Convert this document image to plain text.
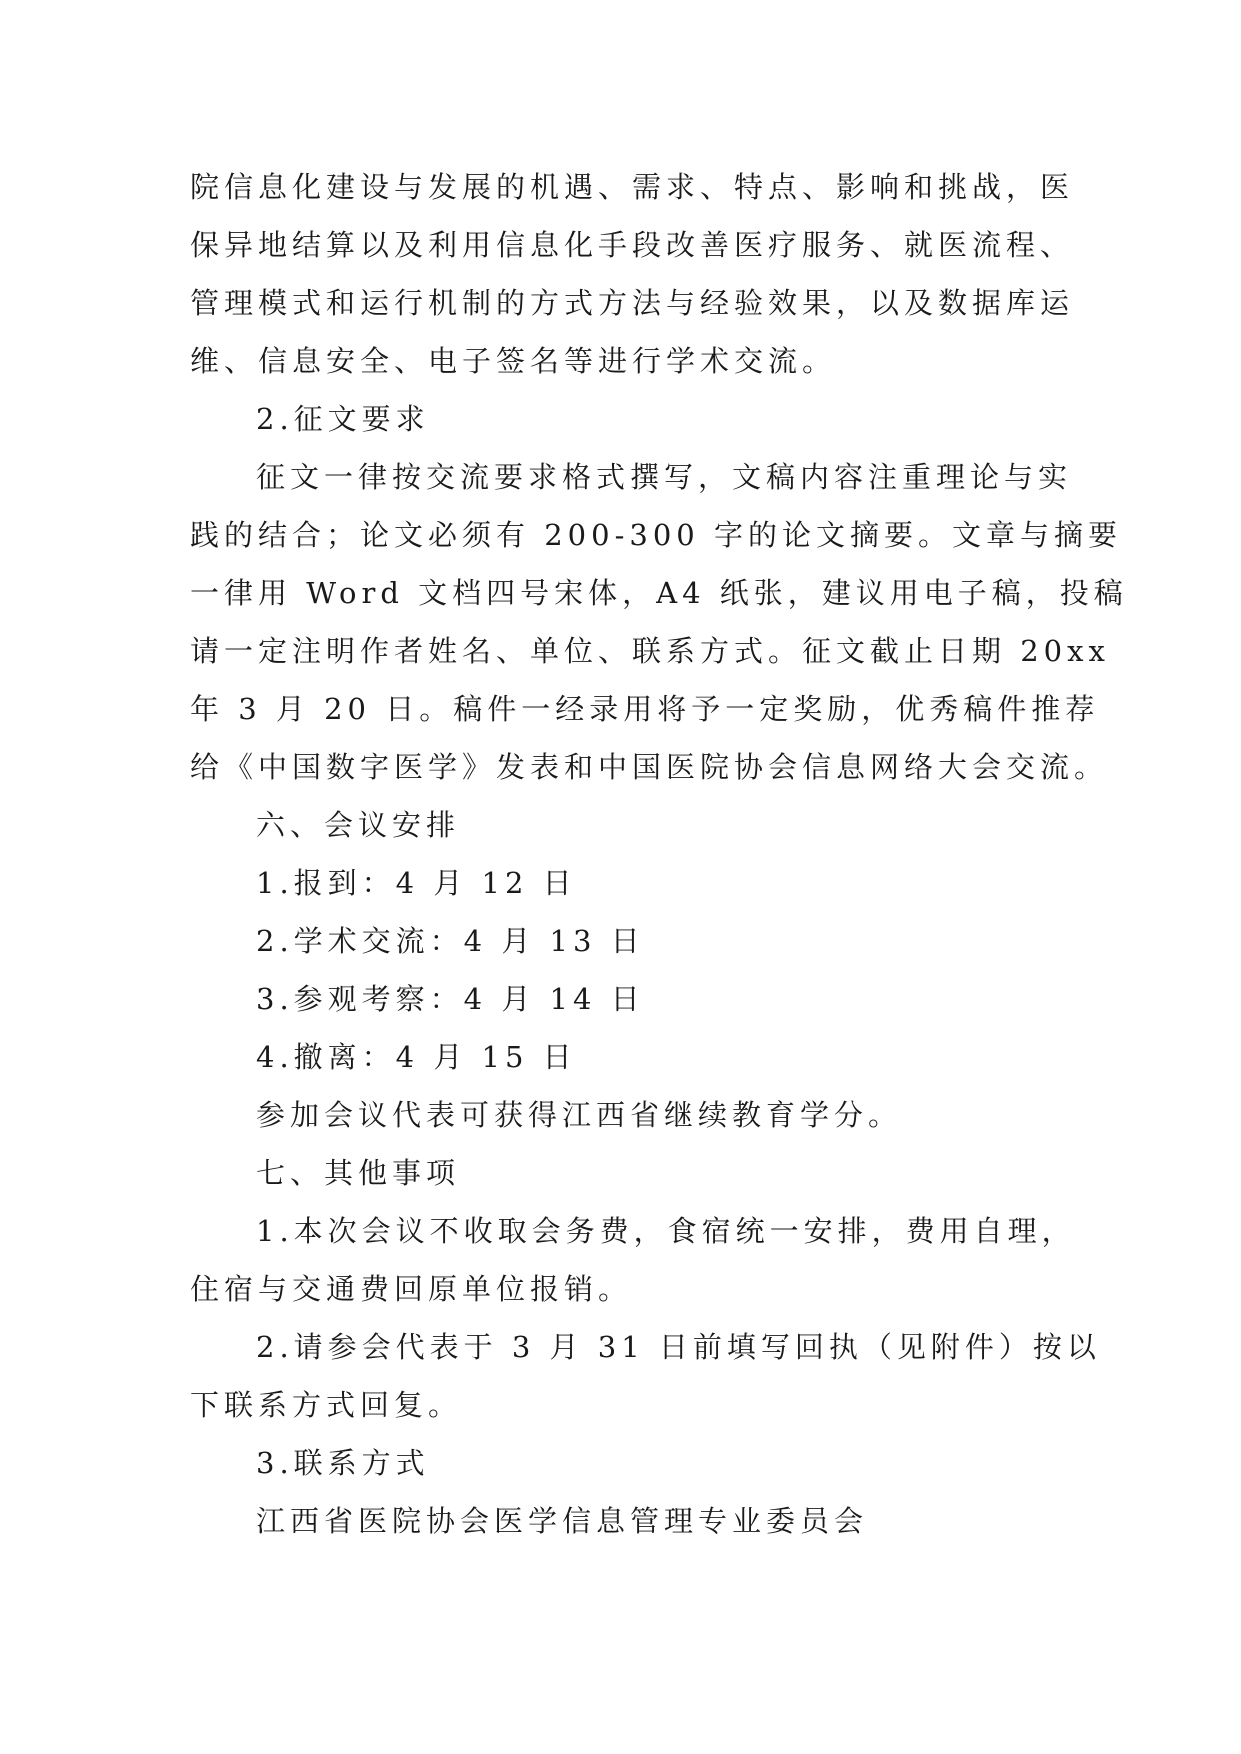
院信息化建设与发展的机遇、需求、特点、影响和挑战，医

保异地结算以及利用信息化手段改善医疗服务、就医流程、

管理模式和运行机制的方式方法与经验效果，以及数据库运

维、信息安全、电子签名等进行学术交流。

2.征文要求

征文一律按交流要求格式撰写，文稿内容注重理论与实

践的结合；论文必须有 200-300 字的论文摘要。文章与摘要

一律用 Word 文档四号宋体，A4 纸张，建议用电子稿，投稿

请一定注明作者姓名、单位、联系方式。征文截止日期 20xx

年 3 月 20 日。稿件一经录用将予一定奖励，优秀稿件推荐

给《中国数字医学》发表和中国医院协会信息网络大会交流。

六、会议安排

1.报到：4 月 12 日

2.学术交流：4 月 13 日

3.参观考察：4 月 14 日

4.撤离：4 月 15 日

参加会议代表可获得江西省继续教育学分。

七、其他事项

1.本次会议不收取会务费，食宿统一安排，费用自理，

住宿与交通费回原单位报销。

2.请参会代表于 3 月 31 日前填写回执（见附件）按以

下联系方式回复。

3.联系方式

江西省医院协会医学信息管理专业委员会
